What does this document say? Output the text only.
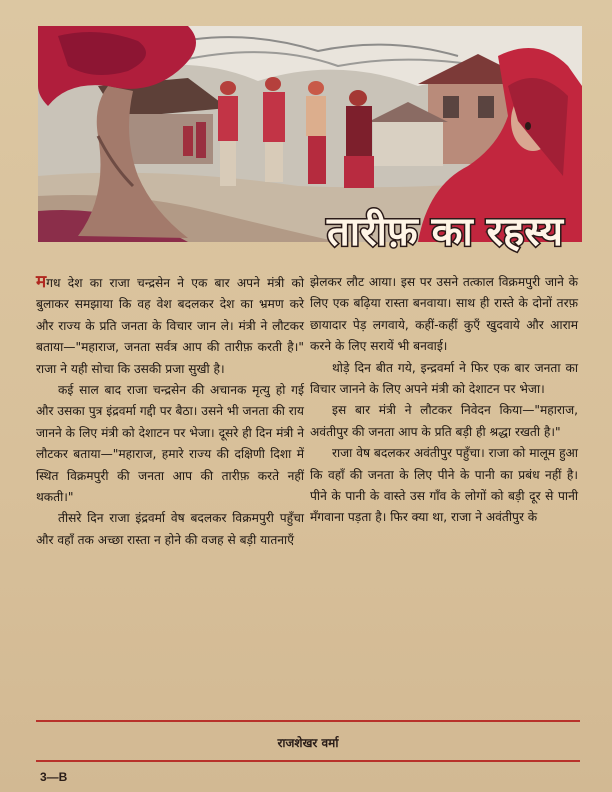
तारीफ़ का रहस्य

मगध देश का राजा चन्द्रसेन ने एक बार अपने मंत्री को बुलाकर समझाया कि वह वेश बदलकर देश का भ्रमण करे और राज्य के प्रति जनता के विचार जान ले। मंत्री ने लौटकर बताया—"महाराज, जनता सर्वत्र आप की तारीफ़ करती है।" राजा ने यही सोचा कि उसकी प्रजा सुखी है।

कई साल बाद राजा चन्द्रसेन की अचानक मृत्यु हो गई और उसका पुत्र इंद्रवर्मा गद्दी पर बैठा। उसने भी जनता की राय जानने के लिए मंत्री को देशाटन पर भेजा। दूसरे ही दिन मंत्री ने लौटकर बताया—"महाराज, हमारे राज्य की दक्षिणी दिशा में स्थित विक्रमपुरी की जनता आप की तारीफ़ करते नहीं थकती।"

तीसरे दिन राजा इंद्रवर्मा वेष बदलकर विक्रमपुरी पहुँचा और वहाँ तक अच्छा रास्ता न होने की वजह से बड़ी यातनाएँ

झेलकर लौट आया। इस पर उसने तत्काल विक्रमपुरी जाने के लिए एक बढ़िया रास्ता बनवाया। साथ ही रास्ते के दोनों तरफ़ छायादार पेड़ लगवाये, कहीं-कहीं कुएँ खुदवाये और आराम करने के लिए सरायें भी बनवाई।

थोड़े दिन बीत गये, इन्द्रवर्मा ने फिर एक बार जनता का विचार जानने के लिए अपने मंत्री को देशाटन पर भेजा।

इस बार मंत्री ने लौटकर निवेदन किया—"महाराज, अवंतीपुर की जनता आप के प्रति बड़ी ही श्रद्धा रखती है।"

राजा वेष बदलकर अवंतीपुर पहुँचा। राजा को मालूम हुआ कि वहाँ की जनता के लिए पीने के पानी का प्रबंध नहीं है। पीने के पानी के वास्ते उस गाँव के लोगों को बड़ी दूर से पानी मँगवाना पड़ता है। फिर क्या था, राजा ने अवंतीपुर के

राजशेखर वर्मा
3—B
